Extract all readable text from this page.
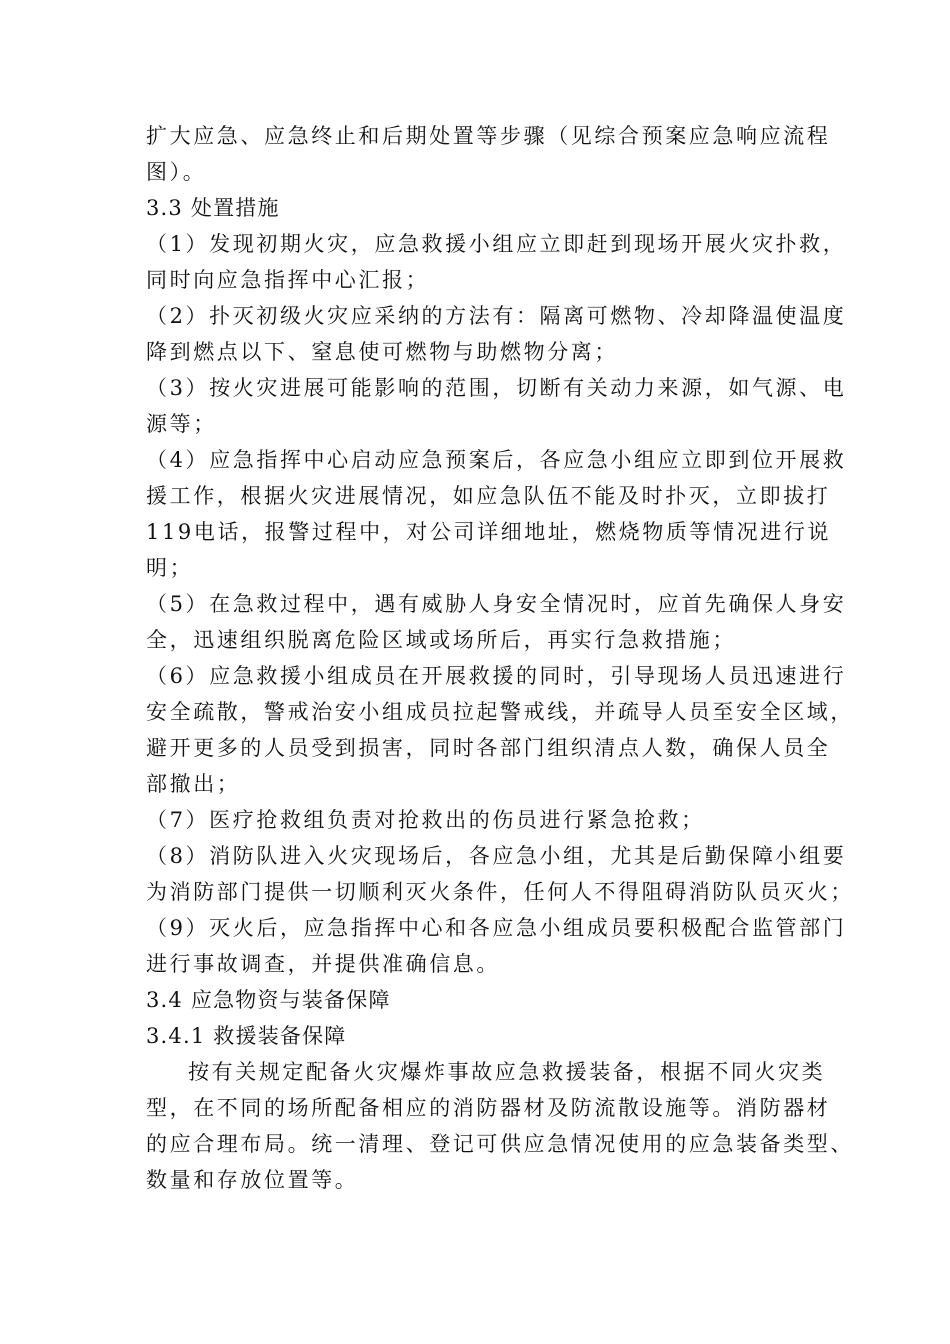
扩大应急、应急终止和后期处置等步骤（见综合预案应急响应流程
图）。
3.3 处置措施
（1）发现初期火灾，应急救援小组应立即赶到现场开展火灾扑救，
同时向应急指挥中心汇报；
（2）扑灭初级火灾应采纳的方法有：隔离可燃物、冷却降温使温度
降到燃点以下、窒息使可燃物与助燃物分离；
（3）按火灾进展可能影响的范围，切断有关动力来源，如气源、电
源等；
（4）应急指挥中心启动应急预案后，各应急小组应立即到位开展救
援工作，根据火灾进展情况，如应急队伍不能及时扑灭，立即拔打
119电话，报警过程中，对公司详细地址，燃烧物质等情况进行说
明；
（5）在急救过程中，遇有威胁人身安全情况时，应首先确保人身安
全，迅速组织脱离危险区域或场所后，再实行急救措施；
（6）应急救援小组成员在开展救援的同时，引导现场人员迅速进行
安全疏散，警戒治安小组成员拉起警戒线，并疏导人员至安全区域，
避开更多的人员受到损害，同时各部门组织清点人数，确保人员全
部撤出；
（7）医疗抢救组负责对抢救出的伤员进行紧急抢救；
（8）消防队进入火灾现场后，各应急小组，尤其是后勤保障小组要
为消防部门提供一切顺利灭火条件，任何人不得阻碍消防队员灭火；
（9）灭火后，应急指挥中心和各应急小组成员要积极配合监管部门
进行事故调查，并提供准确信息。
3.4 应急物资与装备保障
3.4.1 救援装备保障
按有关规定配备火灾爆炸事故应急救援装备，根据不同火灾类
型，在不同的场所配备相应的消防器材及防流散设施等。消防器材
的应合理布局。统一清理、登记可供应急情况使用的应急装备类型、
数量和存放位置等。
